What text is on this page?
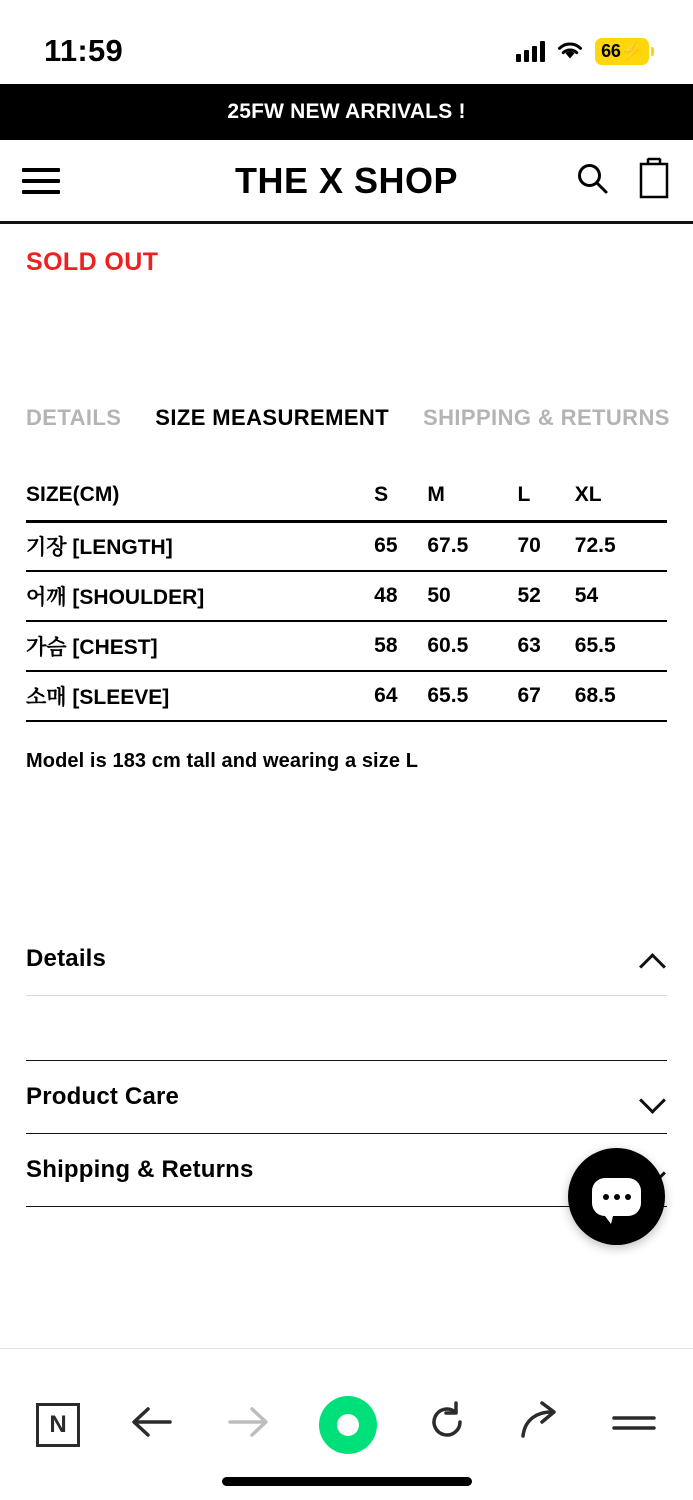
11:59	66 ⚡
25FW NEW ARRIVALS !
THE X SHOP
SOLD OUT
DETAILS SIZE MEASUREMENT SHIPPING & RETURNS
SIZE(CM)	S	M	L	XL
기장 [LENGTH]	65	67.5	70	72.5
어깨 [SHOULDER]	48	50	52	54
가슴 [CHEST]	58	60.5	63	65.5
소매 [SLEEVE]	64	65.5	67	68.5
Model is 183 cm tall and wearing a size L
Details
Product Care
Shipping & Returns
N
